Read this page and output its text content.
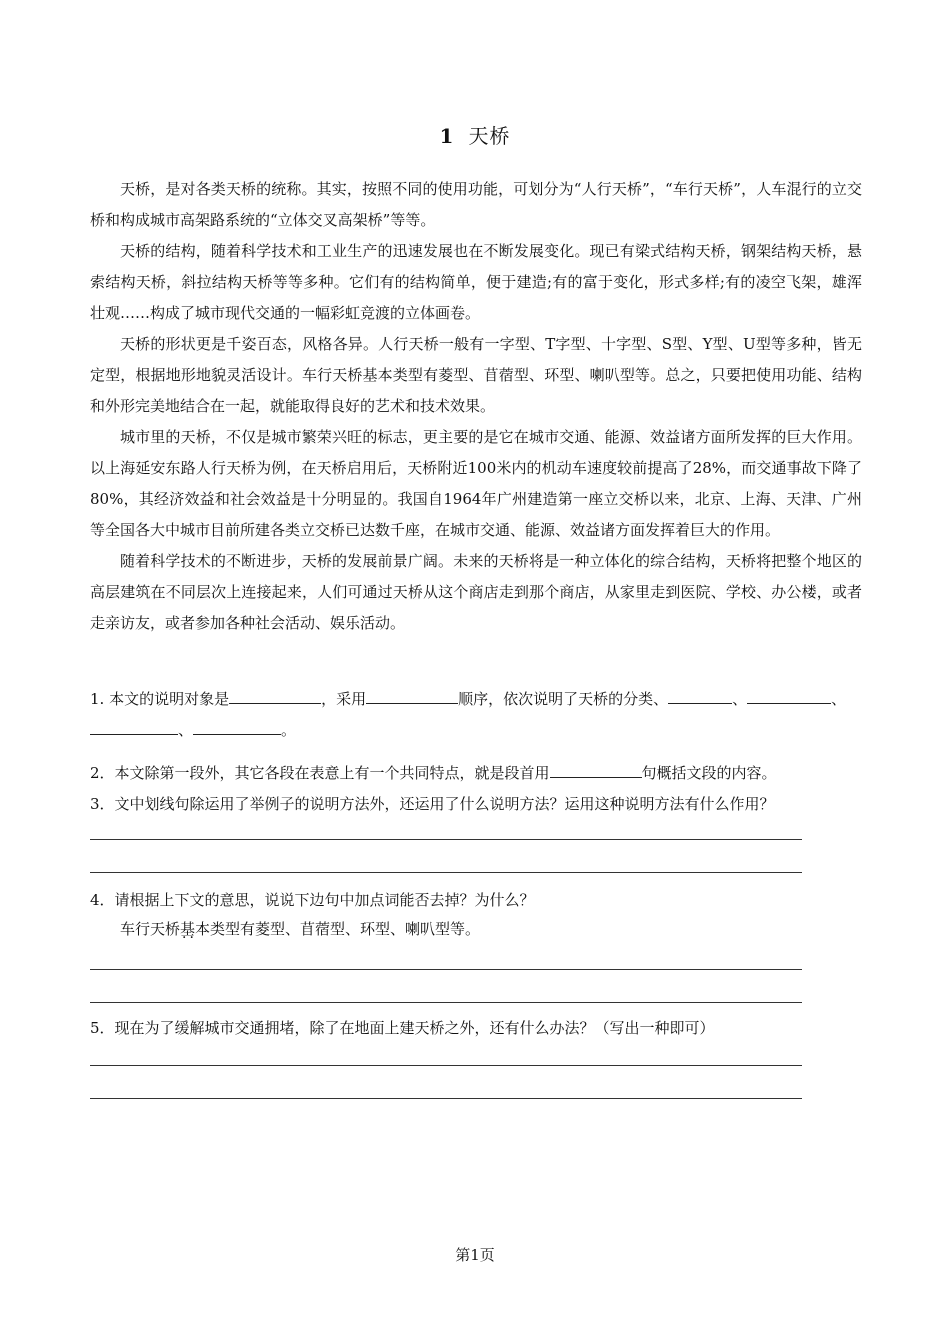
1 天桥

天桥，是对各类天桥的统称。其实，按照不同的使用功能，可划分为“人行天桥”，“车行天桥”，人车混行的立交桥和构成城市高架路系统的“立体交叉高架桥”等等。

天桥的结构，随着科学技术和工业生产的迅速发展也在不断发展变化。现已有梁式结构天桥，钢架结构天桥，悬索结构天桥，斜拉结构天桥等等多种。它们有的结构简单，便于建造;有的富于变化，形式多样;有的凌空飞架，雄浑壮观……构成了城市现代交通的一幅彩虹竞渡的立体画卷。

天桥的形状更是千姿百态，风格各异。人行天桥一般有一字型、T字型、十字型、S型、Y型、U型等多种，皆无定型，根据地形地貌灵活设计。车行天桥基本类型有菱型、苜蓿型、环型、喇叭型等。总之，只要把使用功能、结构和外形完美地结合在一起，就能取得良好的艺术和技术效果。

城市里的天桥，不仅是城市繁荣兴旺的标志，更主要的是它在城市交通、能源、效益诸方面所发挥的巨大作用。以上海延安东路人行天桥为例，在天桥启用后，天桥附近100米内的机动车速度较前提高了28%，而交通事故下降了80%，其经济效益和社会效益是十分明显的。我国自1964年广州建造第一座立交桥以来，北京、上海、天津、广州等全国各大中城市目前所建各类立交桥已达数千座，在城市交通、能源、效益诸方面发挥着巨大的作用。

随着科学技术的不断进步，天桥的发展前景广阔。未来的天桥将是一种立体化的综合结构，天桥将把整个地区的高层建筑在不同层次上连接起来，人们可通过天桥从这个商店走到那个商店，从家里走到医院、学校、办公楼，或者走亲访友，或者参加各种社会活动、娱乐活动。

1. 本文的说明对象是	，采用	顺序，依次说明了天桥的分类、	、	、
、	。
2．本文除第一段外，其它各段在表意上有一个共同特点，就是段首用	句概括文段的内容。
3．文中划线句除运用了举例子的说明方法外，还运用了什么说明方法？运用这种说明方法有什么作用？
4．请根据上下文的意思，说说下边句中加点词能否去掉？为什么？
车行天桥基本 ··类型有菱型、苜蓿型、环型、喇叭型等。
5．现在为了缓解城市交通拥堵，除了在地面上建天桥之外，还有什么办法？（写出一种即可）
第1页
